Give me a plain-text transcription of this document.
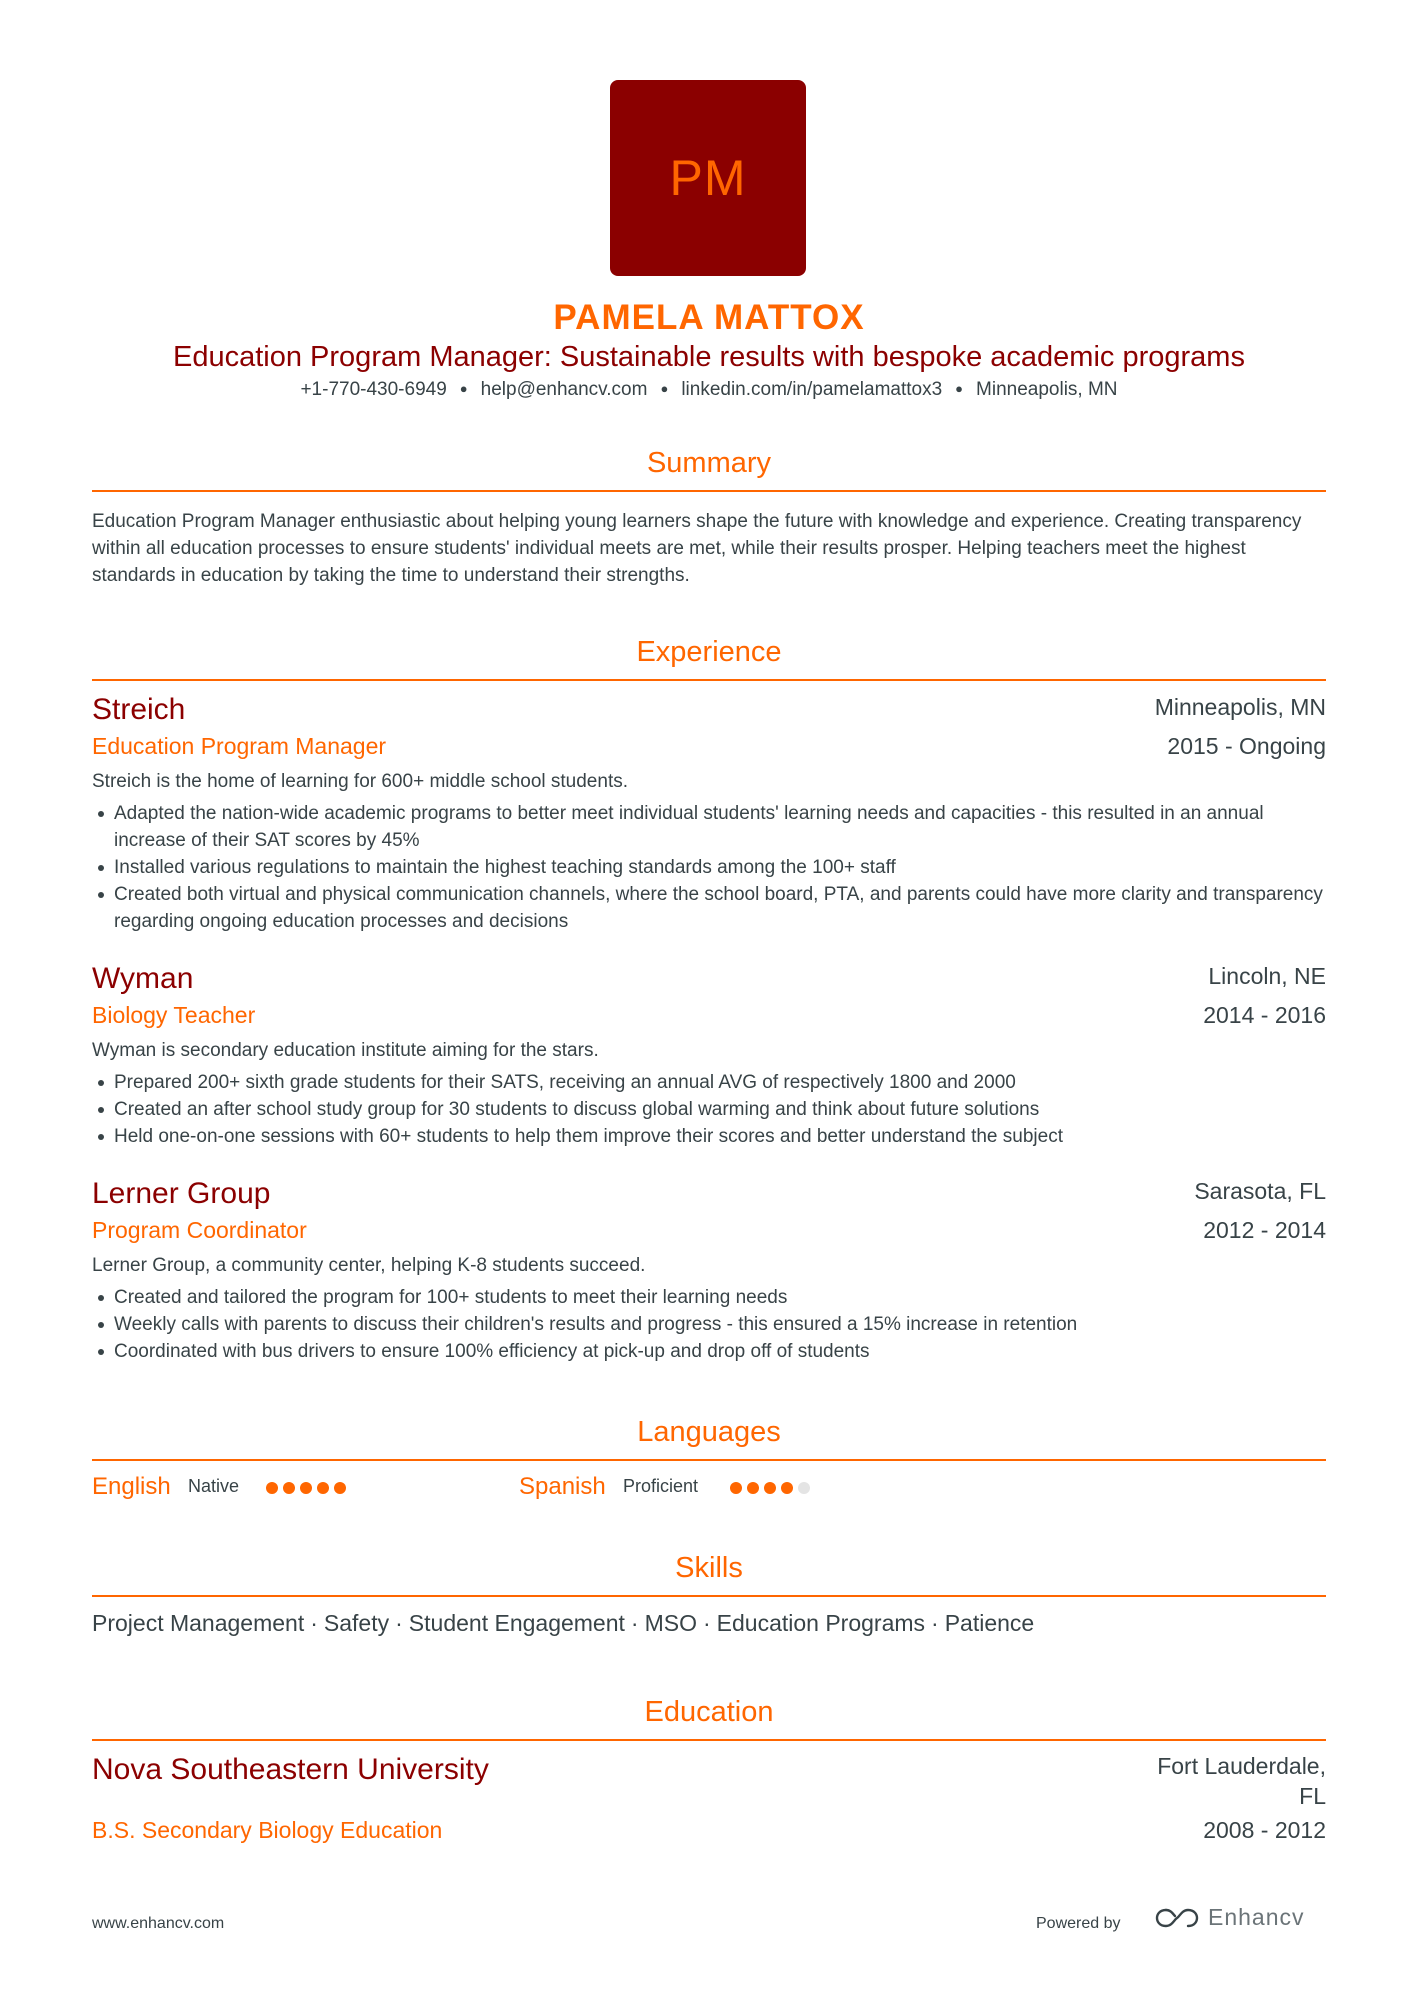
PM
PAMELA MATTOX
Education Program Manager: Sustainable results with bespoke academic programs
+1-770-430-6949 ● help@enhancv.com ● linkedin.com/in/pamelamattox3 ● Minneapolis, MN
Summary
Education Program Manager enthusiastic about helping young learners shape the future with knowledge and experience. Creating transparency within all education processes to ensure students' individual meets are met, while their results prosper. Helping teachers meet the highest standards in education by taking the time to understand their strengths.
Experience
Streich	Minneapolis, MN
Education Program Manager	2015 - Ongoing
Streich is the home of learning for 600+ middle school students.
Adapted the nation-wide academic programs to better meet individual students' learning needs and capacities - this resulted in an annual increase of their SAT scores by 45%
Installed various regulations to maintain the highest teaching standards among the 100+ staff
Created both virtual and physical communication channels, where the school board, PTA, and parents could have more clarity and transparency regarding ongoing education processes and decisions
Wyman	Lincoln, NE
Biology Teacher	2014 - 2016
Wyman is secondary education institute aiming for the stars.
Prepared 200+ sixth grade students for their SATS, receiving an annual AVG of respectively 1800 and 2000
Created an after school study group for 30 students to discuss global warming and think about future solutions
Held one-on-one sessions with 60+ students to help them improve their scores and better understand the subject
Lerner Group	Sarasota, FL
Program Coordinator	2012 - 2014
Lerner Group, a community center, helping K-8 students succeed.
Created and tailored the program for 100+ students to meet their learning needs
Weekly calls with parents to discuss their children's results and progress - this ensured a 15% increase in retention
Coordinated with bus drivers to ensure 100% efficiency at pick-up and drop off of students
Languages
English Native	Spanish Proficient
Skills
Project Management · Safety · Student Engagement · MSO · Education Programs · Patience
Education
Nova Southeastern University	Fort Lauderdale,
FL
B.S. Secondary Biology Education	2008 - 2012
www.enhancv.com	Powered by	Enhancv
